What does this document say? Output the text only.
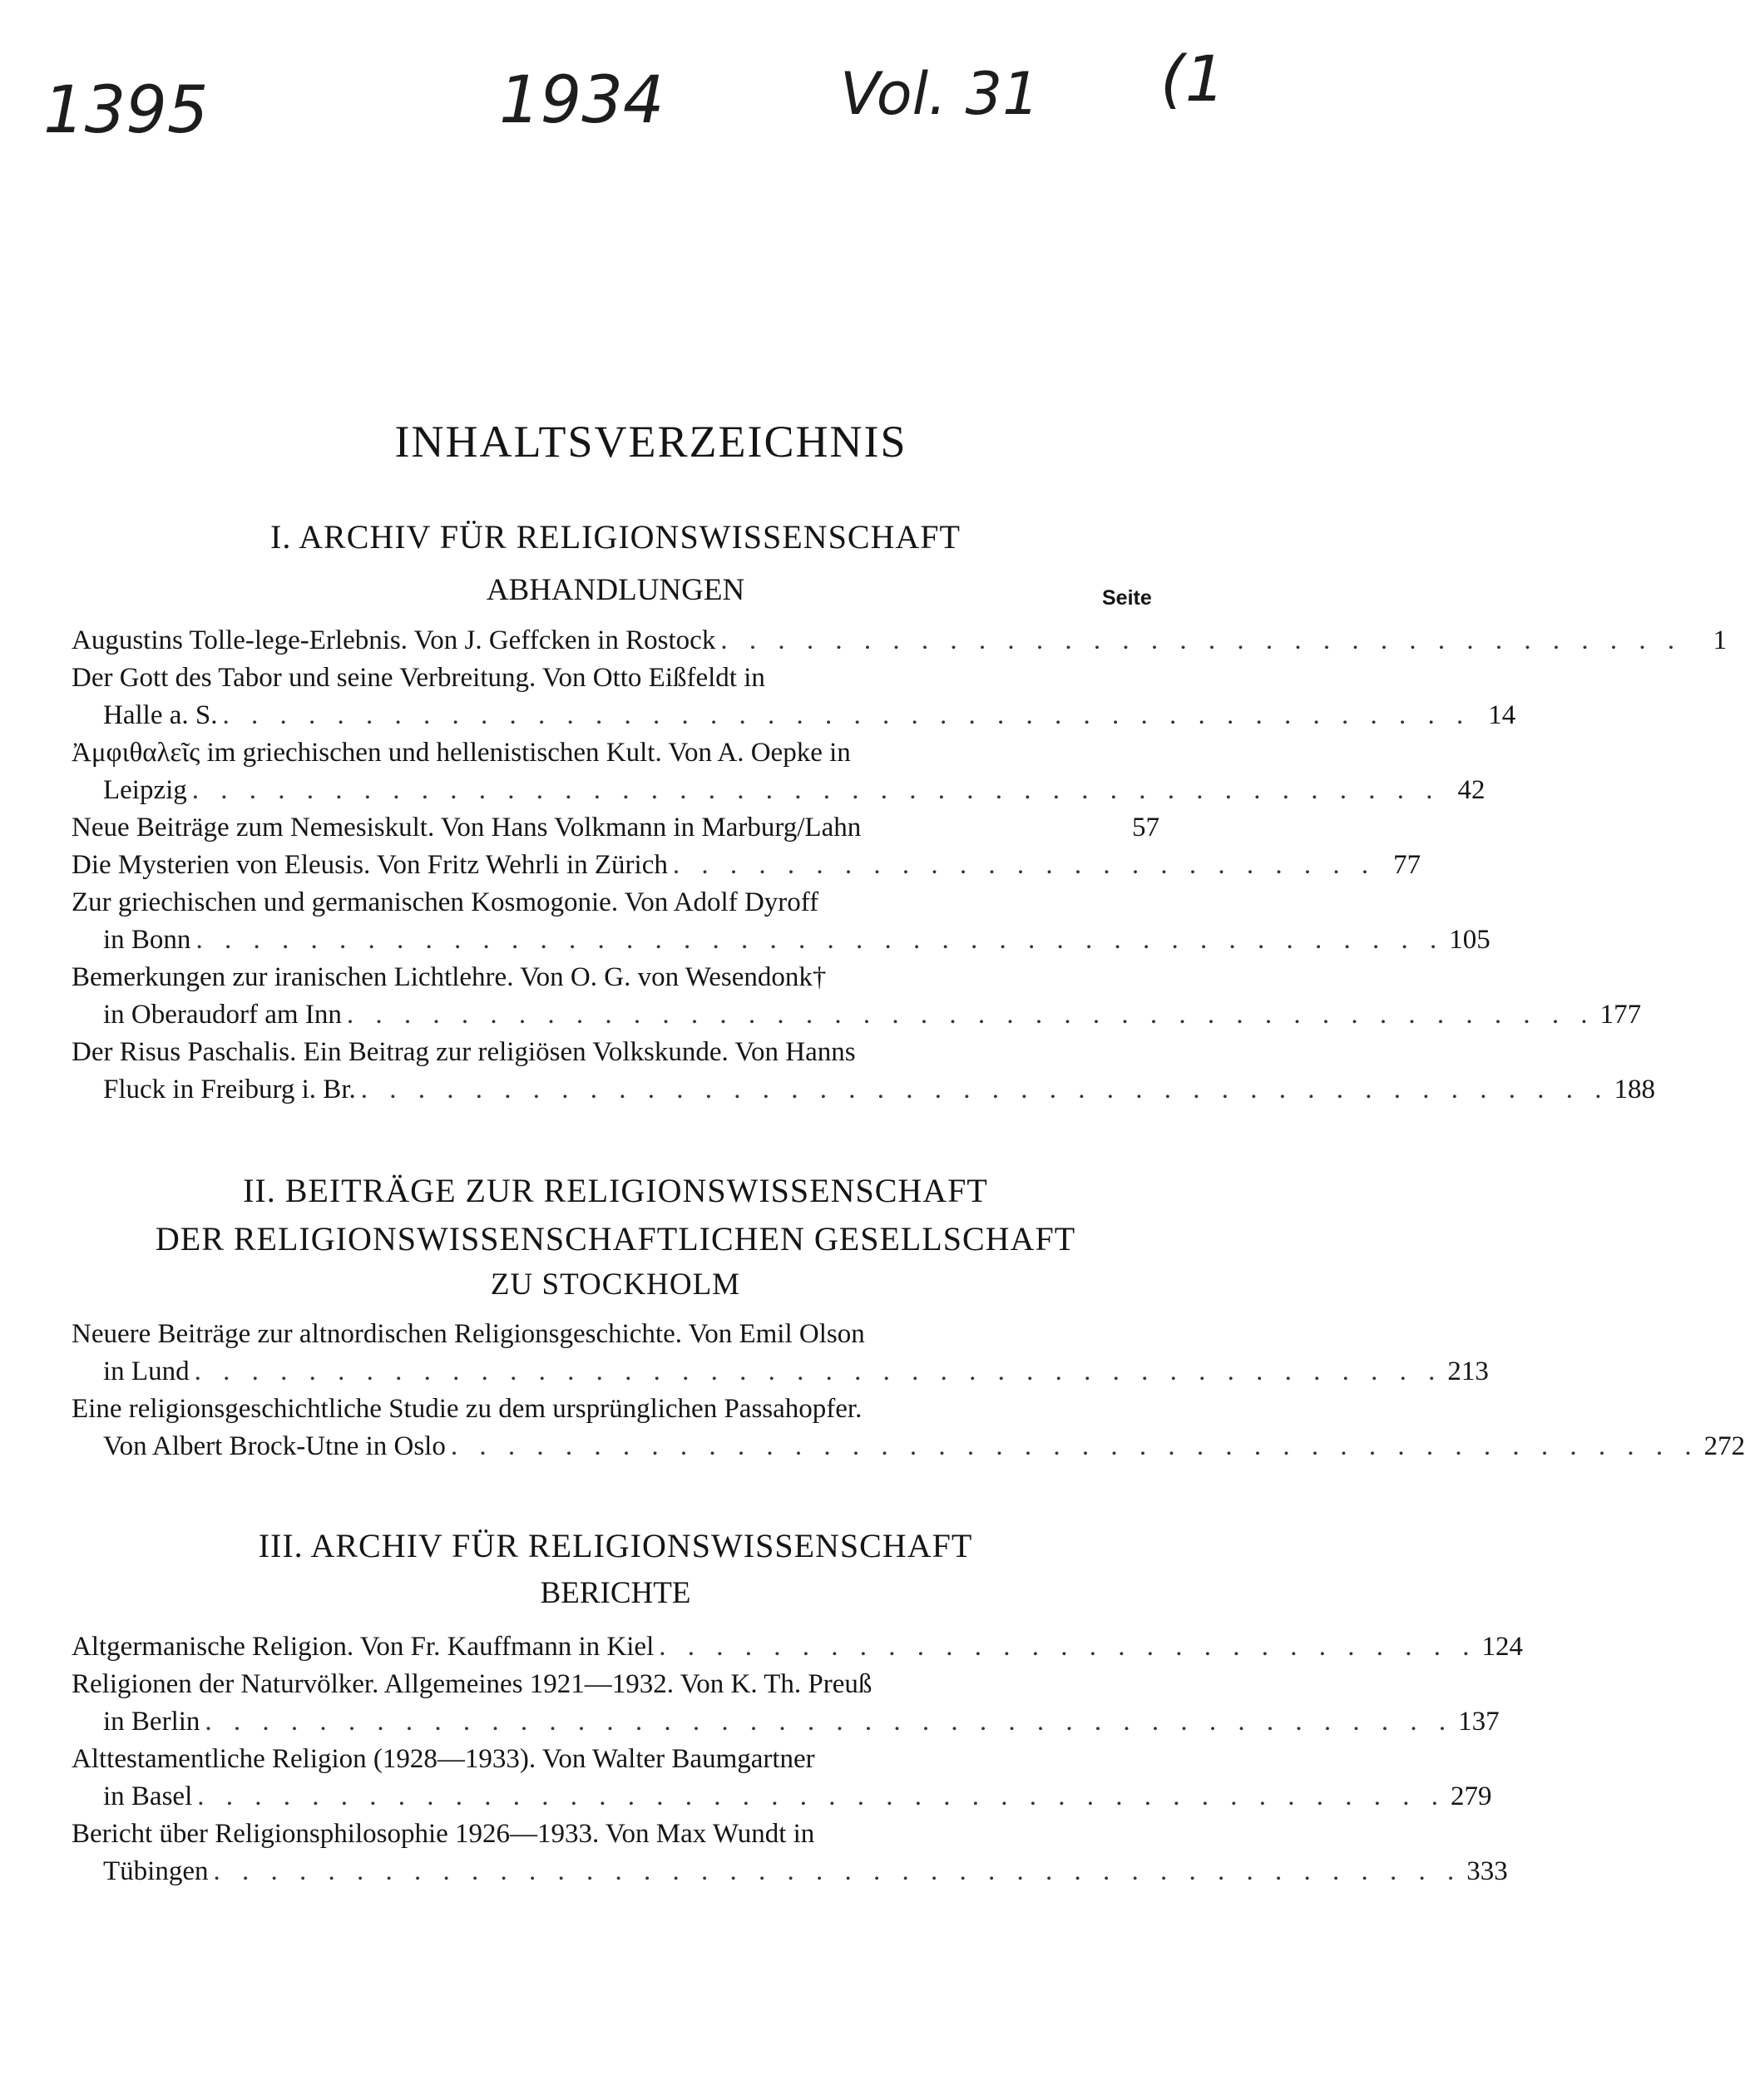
1395	1934	Vol. 31 (1
INHALTSVERZEICHNIS
I. ARCHIV FÜR RELIGIONSWISSENSCHAFT
ABHANDLUNGEN	Seite
Augustins Tolle-lege-Erlebnis. Von J. Geffcken in Rostock . . . . . . . . . . . . . . . . . . . . . . . . . . . . . . . . . .	1
Der Gott des Tabor und seine Verbreitung. Von Otto Eißfeldt in
Halle a. S. . . . . . . . . . . . . . . . . . . . . . . . . . . . . . . . . . . . . . . . . . . . . 14
Ἀμφιθαλεῖς im griechischen und hellenistischen Kult. Von A. Oepke in
Leipzig . . . . . . . . . . . . . . . . . . . . . . . . . . . . . . . . . . . . . . . . . . . . 42
Neue Beiträge zum Nemesiskult. Von Hans Volkmann in Marburg/Lahn	57
Die Mysterien von Eleusis. Von Fritz Wehrli in Zürich . . . . . . . . . . . . . . . . . . . . . . . . . 77
Zur griechischen und germanischen Kosmogonie. Von Adolf Dyroff
in Bonn . . . . . . . . . . . . . . . . . . . . . . . . . . . . . . . . . . . . . . . . . . . . 105
Bemerkungen zur iranischen Lichtlehre. Von O. G. von Wesendonk†
in Oberaudorf am Inn . . . . . . . . . . . . . . . . . . . . . . . . . . . . . . . . . . . . . . . . . . . . 177
Der Risus Paschalis. Ein Beitrag zur religiösen Volkskunde. Von Hanns
Fluck in Freiburg i. Br. . . . . . . . . . . . . . . . . . . . . . . . . . . . . . . . . . . . . . . . . . . . . 188
II. BEITRÄGE ZUR RELIGIONSWISSENSCHAFT
DER RELIGIONSWISSENSCHAFTLICHEN GESELLSCHAFT
ZU STOCKHOLM
Neuere Beiträge zur altnordischen Religionsgeschichte. Von Emil Olson
in Lund . . . . . . . . . . . . . . . . . . . . . . . . . . . . . . . . . . . . . . . . . . . . 213
Eine religionsgeschichtliche Studie zu dem ursprünglichen Passahopfer.
Von Albert Brock-Utne in Oslo . . . . . . . . . . . . . . . . . . . . . . . . . . . . . . . . . . . . . . . . . . . . 272
III. ARCHIV FÜR RELIGIONSWISSENSCHAFT
BERICHTE
Altgermanische Religion. Von Fr. Kauffmann in Kiel . . . . . . . . . . . . . . . . . . . . . . . . . . . . . 124
Religionen der Naturvölker. Allgemeines 1921—1932. Von K. Th. Preuß
in Berlin . . . . . . . . . . . . . . . . . . . . . . . . . . . . . . . . . . . . . . . . . . . . 137
Alttestamentliche Religion (1928—1933). Von Walter Baumgartner
in Basel . . . . . . . . . . . . . . . . . . . . . . . . . . . . . . . . . . . . . . . . . . . . 279
Bericht über Religionsphilosophie 1926—1933. Von Max Wundt in
Tübingen . . . . . . . . . . . . . . . . . . . . . . . . . . . . . . . . . . . . . . . . . . . . 333
